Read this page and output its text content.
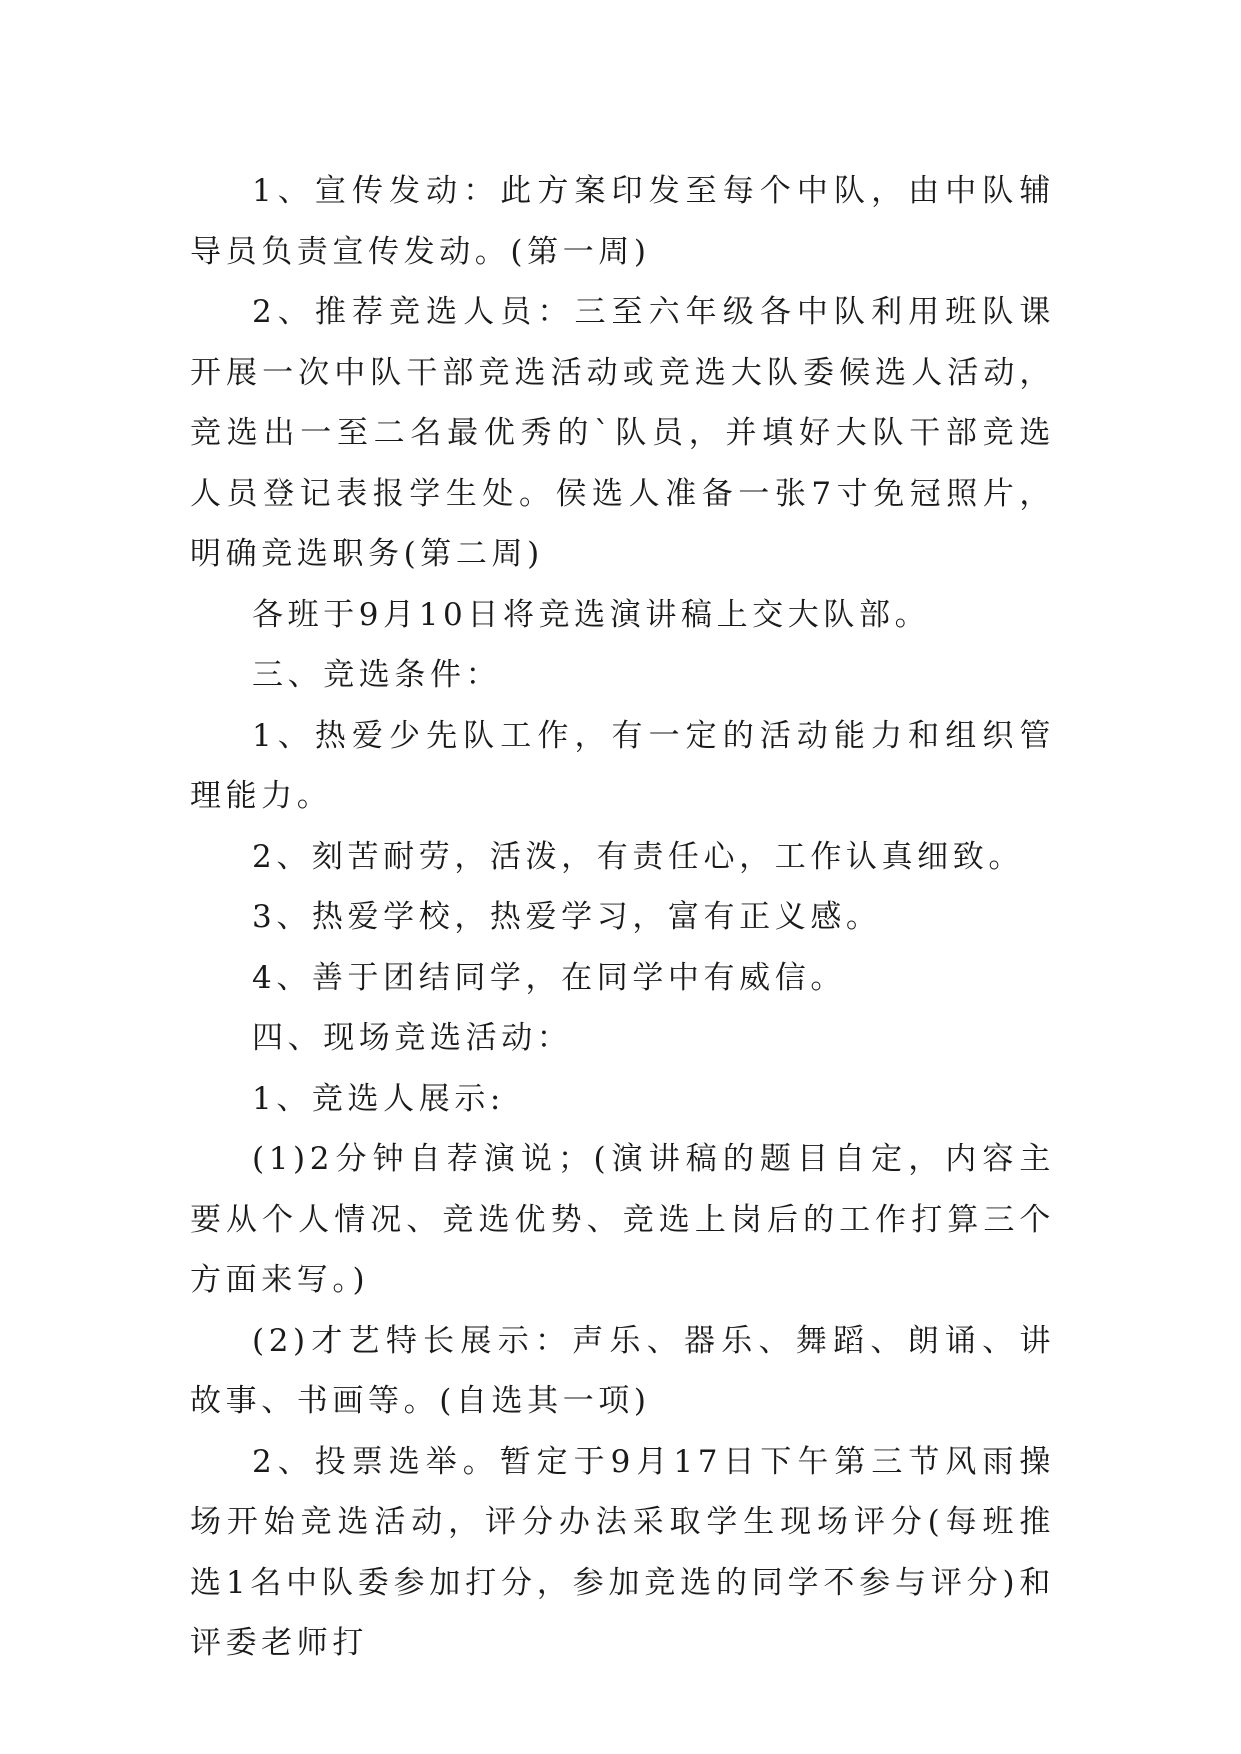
1、宣传发动：此方案印发至每个中队，由中队辅导员负责宣传发动。(第一周)

2、推荐竞选人员：三至六年级各中队利用班队课开展一次中队干部竞选活动或竞选大队委候选人活动，竞选出一至二名最优秀的`队员，并填好大队干部竞选人员登记表报学生处。侯选人准备一张7寸免冠照片，明确竞选职务(第二周)

各班于9月10日将竞选演讲稿上交大队部。

三、竞选条件：

1、热爱少先队工作，有一定的活动能力和组织管理能力。

2、刻苦耐劳，活泼，有责任心，工作认真细致。

3、热爱学校，热爱学习，富有正义感。

4、善于团结同学，在同学中有威信。

四、现场竞选活动：

1、竞选人展示:

(1)2分钟自荐演说；(演讲稿的题目自定，内容主要从个人情况、竞选优势、竞选上岗后的工作打算三个方面来写。)

(2)才艺特长展示：声乐、器乐、舞蹈、朗诵、讲故事、书画等。(自选其一项)

2、投票选举。暂定于9月17日下午第三节风雨操场开始竞选活动，评分办法采取学生现场评分(每班推选1名中队委参加打分，参加竞选的同学不参与评分)和评委老师打
